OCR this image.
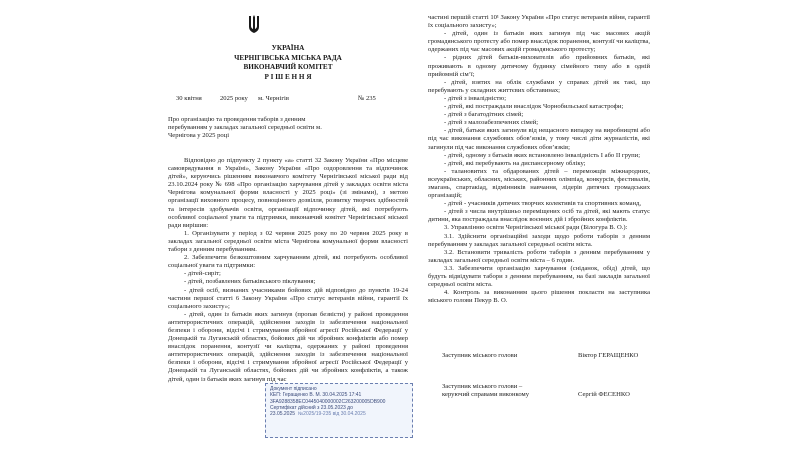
УКРАЇНА
ЧЕРНІГІВСЬКА МІСЬКА РАДА
ВИКОНАВЧИЙ КОМІТЕТ
Р І Ш Е Н Н Я
30 квітня	2025 року м. Чернігів	№ 235
Про організацію та проведення таборів з денним перебуванням у закладах загальної середньої освіти м. Чернігова у 2025 році

Відповідно до підпункту 2 пункту «а» статті 32 Закону України «Про місцеве самоврядування в Україні», Закону України «Про оздоровлення та відпочинок дітей», керуючись рішенням виконавчого комітету Чернігівської міської ради від 23.10.2024 року № 698 «Про організацію харчування дітей у закладах освіти міста Чернігова комунальної форми власності у 2025 році» (зі змінами), з метою організації виховного процесу, повноцінного дозвілля, розвитку творчих здібностей та інтересів здобувачів освіти, організації відпочинку дітей, які потребують особливої соціальної уваги та підтримки, виконавчий комітет Чернігівської міської ради вирішив:

1. Організувати у період з 02 червня 2025 року по 20 червня 2025 року в закладах загальної середньої освіти міста Чернігова комунальної форми власності табори з денним перебуванням.

2. Забезпечити безкоштовним харчуванням дітей, які потребують особливої соціальної уваги та підтримки:

- дітей-сиріт;

- дітей, позбавлених батьківського піклування;

- дітей осіб, визнаних учасниками бойових дій відповідно до пунктів 19-24 частини першої статті 6 Закону України «Про статус ветеранів війни, гарантії їх соціального захисту»;

- дітей, один із батьків яких загинув (пропав безвісти) у районі проведення антитерористичних операцій, здійснення заходів із забезпечення національної безпеки і оборони, відсічі і стримування збройної агресії Російської Федерації у Донецькій та Луганській областях, бойових дій чи збройних конфліктів або помер внаслідок поранення, контузії чи каліцтва, одержаних у районі проведення антитерористичних операцій, здійснення заходів із забезпечення національної безпеки і оборони, відсічі і стримування збройної агресії Російської Федерації у Донецькій та Луганській областях, бойових дій чи збройних конфліктів, а також дітей, один із батьків яких загинув під час

частині першій статті 10¹ Закону України «Про статус ветеранів війни, гарантії їх соціального захисту»;

- дітей, один із батьків яких загинув під час масових акцій громадянського протесту або помер внаслідок поранення, контузії чи каліцтва, одержаних під час масових акцій громадянського протесту;

- рідних дітей батьків-вихователів або прийомних батьків, які проживають в одному дитячому будинку сімейного типу або в одній прийомній сім’ї;

- дітей, взятих на облік службами у справах дітей як такі, що перебувають у складних життєвих обставинах;

- дітей з інвалідністю;

- дітей, які постраждали внаслідок Чорнобильської катастрофи;

- дітей з багатодітних сімей;

- дітей з малозабезпечених сімей;

- дітей, батьки яких загинули від нещасного випадку на виробництві або під час виконання службових обов’язків, у тому числі діти журналістів, які загинули під час виконання службових обов’язків;

- дітей, одному з батьків яких встановлено інвалідність I або II групи;

- дітей, які перебувають на диспансерному обліку;

- талановитих та обдарованих дітей – переможців міжнародних, всеукраїнських, обласних, міських, районних олімпіад, конкурсів, фестивалів, змагань, спартакіад, відмінників навчання, лідерів дитячих громадських організацій;

- дітей - учасників дитячих творчих колективів та спортивних команд,

- дітей з числа внутрішньо переміщених осіб та дітей, які мають статус дитини, яка постраждала внаслідок воєнних дій і збройних конфліктів.

3. Управлінню освіти Чернігівської міської ради (Білогура В. О.):

3.1. Здійснити організаційні заходи щодо роботи таборів з денним перебуванням у закладах загальної середньої освіти міста.

3.2. Встановити тривалість роботи таборів з денним перебуванням у закладах загальної середньої освіти міста – 6 годин.

3.3. Забезпечити організацію харчування (сніданок, обід) дітей, що будуть відвідувати табори з денним перебуванням, на базі закладів загальної середньої освіти міста.

4. Контроль за виконанням цього рішення покласти на заступника міського голови Пекур В. О.

Заступник міського голови	Віктор ГЕРАЩЕНКО
Заступник міського голови –
керуючий справами виконкому	Сергій ФЕСЕНКО
Документ підписано
КЕП: Геращенко В. М. 30.04.2025 17:41
3FA9288358EC0445040000002C263200005DB900
Сертифікат дійсний з 23.05.2023 до
23.05.2025 №2025/19-235 від 30.04.2025
